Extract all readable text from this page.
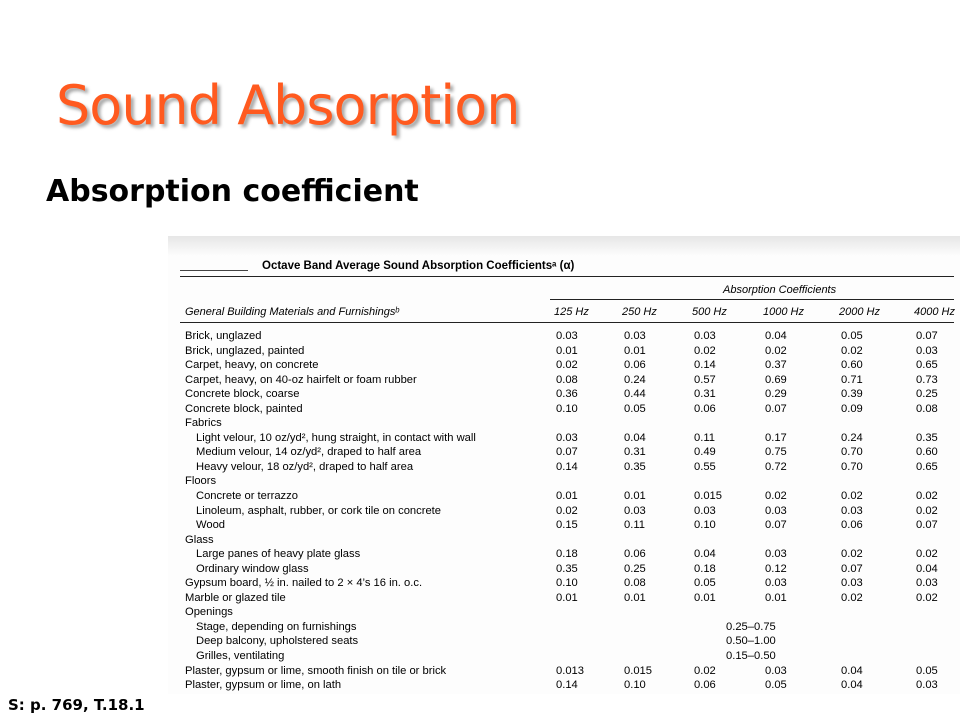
Sound Absorption
Absorption coefficient
Octave Band Average Sound Absorption Coefficientsᵃ (α)
Absorption Coefficients
General Building Materials and Furnishingsᵇ	125 Hz	250 Hz	500 Hz	1000 Hz	2000 Hz	4000 Hz
Brick, unglazed	0.03	0.03	0.03	0.04	0.05	0.07
Brick, unglazed, painted	0.01	0.01	0.02	0.02	0.02	0.03
Carpet, heavy, on concrete	0.02	0.06	0.14	0.37	0.60	0.65
Carpet, heavy, on 40-oz hairfelt or foam rubber	0.08	0.24	0.57	0.69	0.71	0.73
Concrete block, coarse	0.36	0.44	0.31	0.29	0.39	0.25
Concrete block, painted	0.10	0.05	0.06	0.07	0.09	0.08
Fabrics
Light velour, 10 oz/yd², hung straight, in contact with wall	0.03	0.04	0.11	0.17	0.24	0.35
Medium velour, 14 oz/yd², draped to half area	0.07	0.31	0.49	0.75	0.70	0.60
Heavy velour, 18 oz/yd², draped to half area	0.14	0.35	0.55	0.72	0.70	0.65
Floors
Concrete or terrazzo	0.01	0.01	0.015	0.02	0.02	0.02
Linoleum, asphalt, rubber, or cork tile on concrete	0.02	0.03	0.03	0.03	0.03	0.02
Wood	0.15	0.11	0.10	0.07	0.06	0.07
Glass
Large panes of heavy plate glass	0.18	0.06	0.04	0.03	0.02	0.02
Ordinary window glass	0.35	0.25	0.18	0.12	0.07	0.04
Gypsum board, ½ in. nailed to 2 × 4’s 16 in. o.c.	0.10	0.08	0.05	0.03	0.03	0.03
Marble or glazed tile	0.01	0.01	0.01	0.01	0.02	0.02
Openings
Stage, depending on furnishings	0.25–0.75
Deep balcony, upholstered seats	0.50–1.00
Grilles, ventilating	0.15–0.50
Plaster, gypsum or lime, smooth finish on tile or brick	0.013	0.015	0.02	0.03	0.04	0.05
Plaster, gypsum or lime, on lath	0.14	0.10	0.06	0.05	0.04	0.03
S: p. 769, T.18.1
